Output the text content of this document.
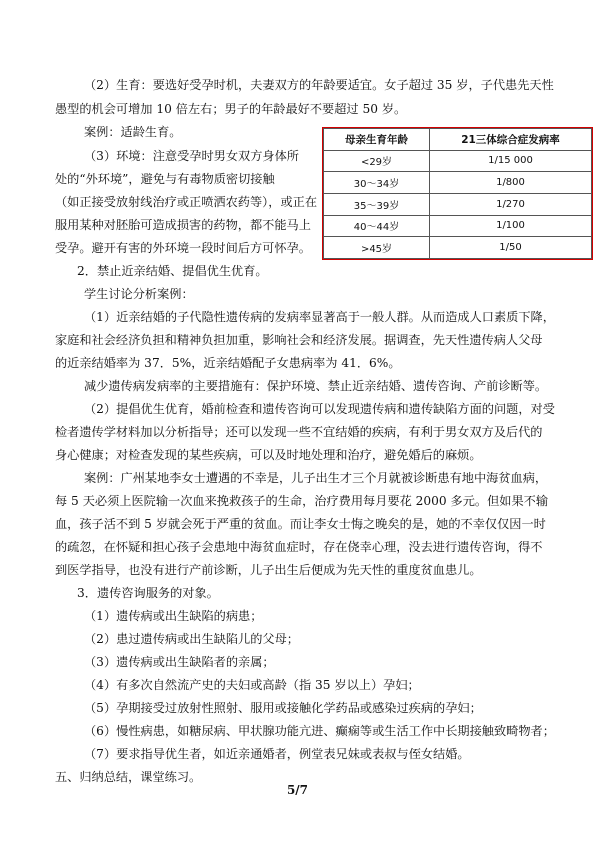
（2）生育：要选好受孕时机，夫妻双方的年龄要适宜。女子超过 35 岁，子代患先天性

愚型的机会可增加 10 倍左右；男子的年龄最好不要超过 50 岁。

案例：适龄生育。

（3）环境：注意受孕时男女双方身体所

处的“外环境”，避免与有毒物质密切接触

（如正接受放射线治疗或正喷洒农药等），或正在

服用某种对胚胎可造成损害的药物，都不能马上

受孕。避开有害的外环境一段时间后方可怀孕。

2．禁止近亲结婚、提倡优生优育。

学生讨论分析案例：

（1）近亲结婚的子代隐性遗传病的发病率显著高于一般人群。从而造成人口素质下降，

家庭和社会经济负担和精神负担加重，影响社会和经济发展。据调查，先天性遗传病人父母

的近亲结婚率为 37．5%，近亲结婚配子女患病率为 41．6%。

减少遗传病发病率的主要措施有：保护环境、禁止近亲结婚、遗传咨询、产前诊断等。

（2）提倡优生优育，婚前检查和遗传咨询可以发现遗传病和遗传缺陷方面的问题，对受

检者遗传学材料加以分析指导；还可以发现一些不宜结婚的疾病，有利于男女双方及后代的

身心健康；对检查发现的某些疾病，可以及时地处理和治疗，避免婚后的麻烦。

案例：广州某地李女士遭遇的不幸是，儿子出生才三个月就被诊断患有地中海贫血病，

每 5 天必须上医院输一次血来挽救孩子的生命，治疗费用每月要花 2000 多元。但如果不输

血，孩子活不到 5 岁就会死于严重的贫血。而让李女士悔之晚矣的是，她的不幸仅仅因一时

的疏忽，在怀疑和担心孩子会患地中海贫血症时，存在侥幸心理，没去进行遗传咨询，得不

到医学指导，也没有进行产前诊断，儿子出生后便成为先天性的重度贫血患儿。

3．遗传咨询服务的对象。

（1）遗传病或出生缺陷的病患；

（2）患过遗传病或出生缺陷儿的父母；

（3）遗传病或出生缺陷者的亲属；

（4）有多次自然流产史的夫妇或高龄（指 35 岁以上）孕妇；

（5）孕期接受过放射性照射、服用或接触化学药品或感染过疾病的孕妇；

（6）慢性病患，如糖尿病、甲状腺功能亢进、癫痫等或生活工作中长期接触致畸物者；

（7）要求指导优生者，如近亲通婚者，例堂表兄妹或表叔与侄女结婚。

五、归纳总结，课堂练习。

母亲生育年龄	21三体综合症发病率
<29岁	1/15 000
30～34岁	1/800
35～39岁	1/270
40～44岁	1/100
>45岁	1/50
5/7
